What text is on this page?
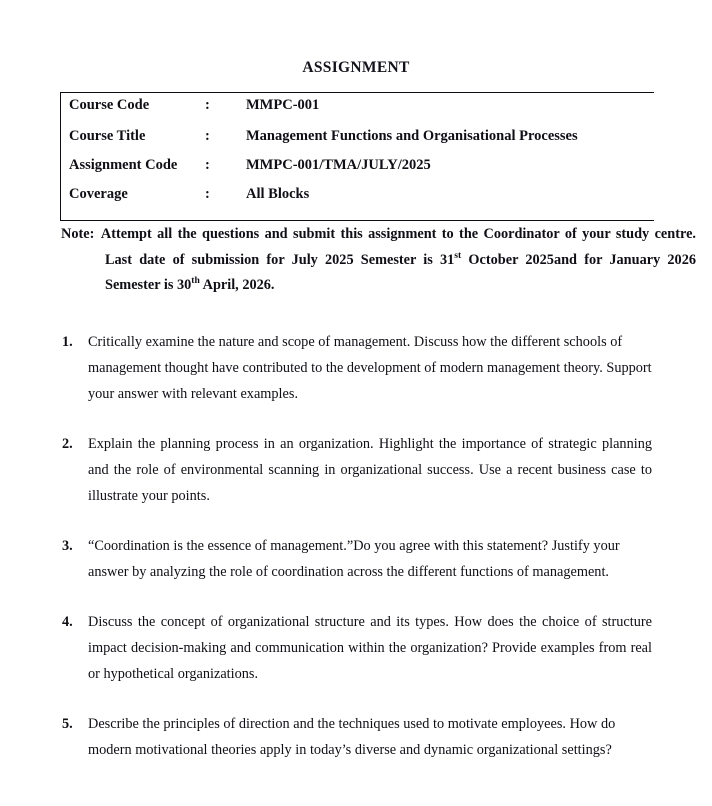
ASSIGNMENT
Course Code	:	MMPC-001
Course Title	:	Management Functions and Organisational Processes
Assignment Code	:	MMPC-001/TMA/JULY/2025
Coverage	:	All Blocks
Note: Attempt all the questions and submit this assignment to the Coordinator of your study centre. Last date of submission for July 2025 Semester is 31st October 2025and for January 2026 Semester is 30th April, 2026.
1.	Critically examine the nature and scope of management. Discuss how the different schools of management thought have contributed to the development of modern management theory. Support your answer with relevant examples.
2.	Explain the planning process in an organization. Highlight the importance of strategic planning and the role of environmental scanning in organizational success. Use a recent business case to illustrate your points.
3.	“Coordination is the essence of management.”Do you agree with this statement? Justify your answer by analyzing the role of coordination across the different functions of management.
4.	Discuss the concept of organizational structure and its types. How does the choice of structure impact decision-making and communication within the organization? Provide examples from real or hypothetical organizations.
5.	Describe the principles of direction and the techniques used to motivate employees. How do modern motivational theories apply in today’s diverse and dynamic organizational settings?
